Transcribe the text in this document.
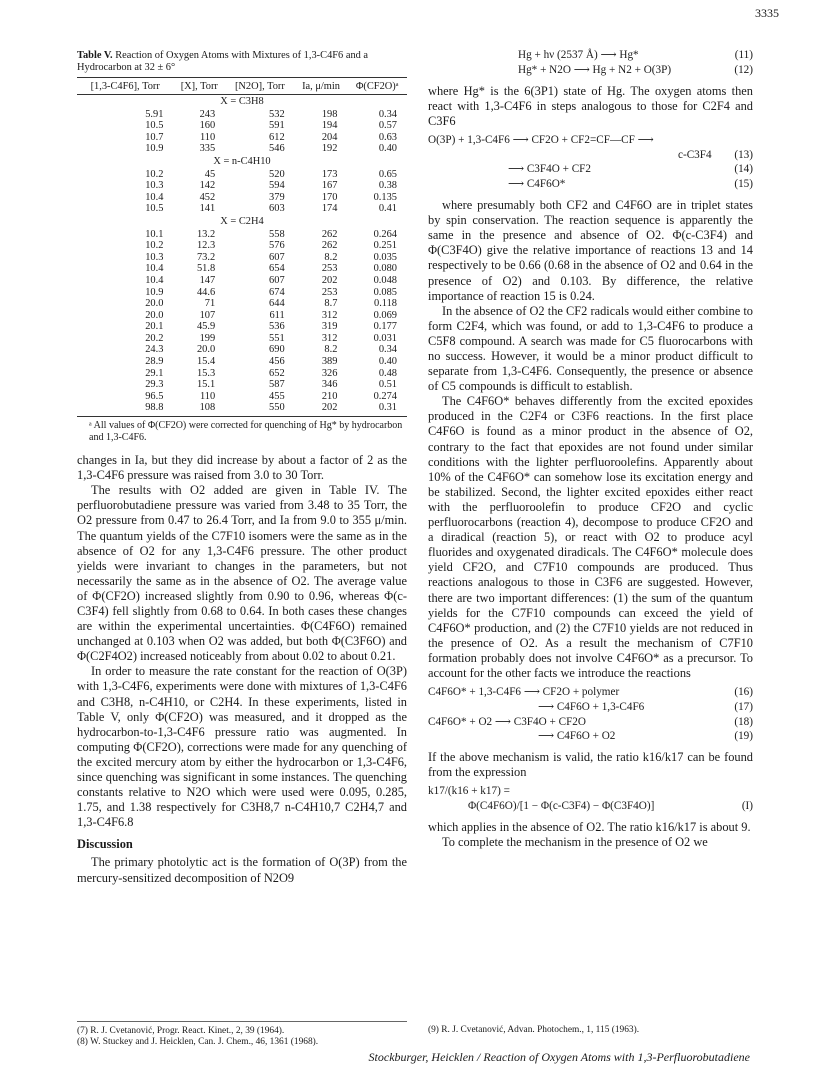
3335
Table V. Reaction of Oxygen Atoms with Mixtures of 1,3-C4F6 and a Hydrocarbon at 32 ± 6°
[1,3-C4F6], Torr	[X], Torr	[N2O], Torr	Ia, μ/min	Φ(CF2O)ᵃ
X = C3H8				
5.91	243	532	198	0.34
10.5	160	591	194	0.57
10.7	110	612	204	0.63
10.9	335	546	192	0.40
X = n-C4H10				
10.2	45	520	173	0.65
10.3	142	594	167	0.38
10.4	452	379	170	0.135
10.5	141	603	174	0.41
X = C2H4				
10.1	13.2	558	262	0.264
10.2	12.3	576	262	0.251
10.3	73.2	607	8.2	0.035
10.4	51.8	654	253	0.080
10.4	147	607	202	0.048
10.9	44.6	674	253	0.085
20.0	71	644	8.7	0.118
20.0	107	611	312	0.069
20.1	45.9	536	319	0.177
20.2	199	551	312	0.031
24.3	20.0	690	8.2	0.34
28.9	15.4	456	389	0.40
29.1	15.3	652	326	0.48
29.3	15.1	587	346	0.51
96.5	110	455	210	0.274
98.8	108	550	202	0.31
ᵃ All values of Φ(CF2O) were corrected for quenching of Hg* by hydrocarbon and 1,3-C4F6.

changes in Ia, but they did increase by about a factor of 2 as the 1,3-C4F6 pressure was raised from 3.0 to 30 Torr.

The results with O2 added are given in Table IV. The perfluorobutadiene pressure was varied from 3.48 to 35 Torr, the O2 pressure from 0.47 to 26.4 Torr, and Ia from 9.0 to 355 μ/min. The quantum yields of the C7F10 isomers were the same as in the absence of O2 for any 1,3-C4F6 pressure. The other product yields were invariant to changes in the parameters, but not necessarily the same as in the absence of O2. The average value of Φ(CF2O) increased slightly from 0.90 to 0.96, whereas Φ(c-C3F4) fell slightly from 0.68 to 0.64. In both cases these changes are within the experimental uncertainties. Φ(C4F6O) remained unchanged at 0.103 when O2 was added, but both Φ(C3F6O) and Φ(C2F4O2) increased noticeably from about 0.02 to about 0.21.

In order to measure the rate constant for the reaction of O(3P) with 1,3-C4F6, experiments were done with mixtures of 1,3-C4F6 and C3H8, n-C4H10, or C2H4. In these experiments, listed in Table V, only Φ(CF2O) was measured, and it dropped as the hydrocarbon-to-1,3-C4F6 pressure ratio was augmented. In computing Φ(CF2O), corrections were made for any quenching of the excited mercury atom by either the hydrocarbon or 1,3-C4F6, since quenching was significant in some instances. The quenching constants relative to N2O which were used were 0.095, 0.285, 1.75, and 1.38 respectively for C3H8,7 n-C4H10,7 C2H4,7 and 1,3-C4F6.8

Discussion

The primary photolytic act is the formation of O(3P) from the mercury-sensitized decomposition of N2O9

Hg + hν (2537 Å) ⟶ Hg*	(11)
Hg* + N2O ⟶ Hg + N2 + O(3P)	(12)

where Hg* is the 6(3P1) state of Hg. The oxygen atoms then react with 1,3-C4F6 in steps analogous to those for C2F4 and C3F6

O(3P) + 1,3-C4F6 ⟶ CF2O + CF2=CF—CF ⟶
c-C3F4 (13)
⟶ C3F4O + CF2	(14)
⟶ C4F6O*	(15)

where presumably both CF2 and C4F6O are in triplet states by spin conservation. The reaction sequence is apparently the same in the presence and absence of O2. Φ(c-C3F4) and Φ(C3F4O) give the relative importance of reactions 13 and 14 respectively to be 0.66 (0.68 in the absence of O2 and 0.64 in the presence of O2) and 0.103. By difference, the relative importance of reaction 15 is 0.24.

In the absence of O2 the CF2 radicals would either combine to form C2F4, which was found, or add to 1,3-C4F6 to produce a C5F8 compound. A search was made for C5 fluorocarbons with no success. However, it would be a minor product difficult to separate from 1,3-C4F6. Consequently, the presence or absence of C5 compounds is difficult to establish.

The C4F6O* behaves differently from the excited epoxides produced in the C2F4 or C3F6 reactions. In the first place C4F6O is found as a minor product in the absence of O2, contrary to the fact that epoxides are not found under similar conditions with the lighter perfluoroolefins. Apparently about 10% of the C4F6O* can somehow lose its excitation energy and be stabilized. Second, the lighter excited epoxides either react with the perfluoroolefin to produce CF2O and cyclic perfluorocarbons (reaction 4), decompose to produce CF2O and a diradical (reaction 5), or react with O2 to produce acyl fluorides and oxygenated diradicals. The C4F6O* molecule does yield CF2O, and C7F10 compounds are produced. Thus reactions analogous to those in C3F6 are suggested. However, there are two important differences: (1) the sum of the quantum yields for the C7F10 compounds can exceed the yield of C4F6O* production, and (2) the C7F10 yields are not reduced in the presence of O2. As a result the mechanism of C7F10 formation probably does not involve C4F6O* as a precursor. To account for the other facts we introduce the reactions

C4F6O* + 1,3-C4F6 ⟶ CF2O + polymer	(16)
⟶ C4F6O + 1,3-C4F6	(17)
C4F6O* + O2 ⟶ C3F4O + CF2O	(18)
⟶ C4F6O + O2	(19)

If the above mechanism is valid, the ratio k16/k17 can be found from the expression

k17/(k16 + k17) =
Φ(C4F6O)/[1 − Φ(c-C3F4) − Φ(C3F4O)]	(I)

which applies in the absence of O2. The ratio k16/k17 is about 9.

To complete the mechanism in the presence of O2 we

(7) R. J. Cvetanović, Progr. React. Kinet., 2, 39 (1964).
(8) W. Stuckey and J. Heicklen, Can. J. Chem., 46, 1361 (1968).
(9) R. J. Cvetanović, Advan. Photochem., 1, 115 (1963).
Stockburger, Heicklen / Reaction of Oxygen Atoms with 1,3-Perfluorobutadiene
